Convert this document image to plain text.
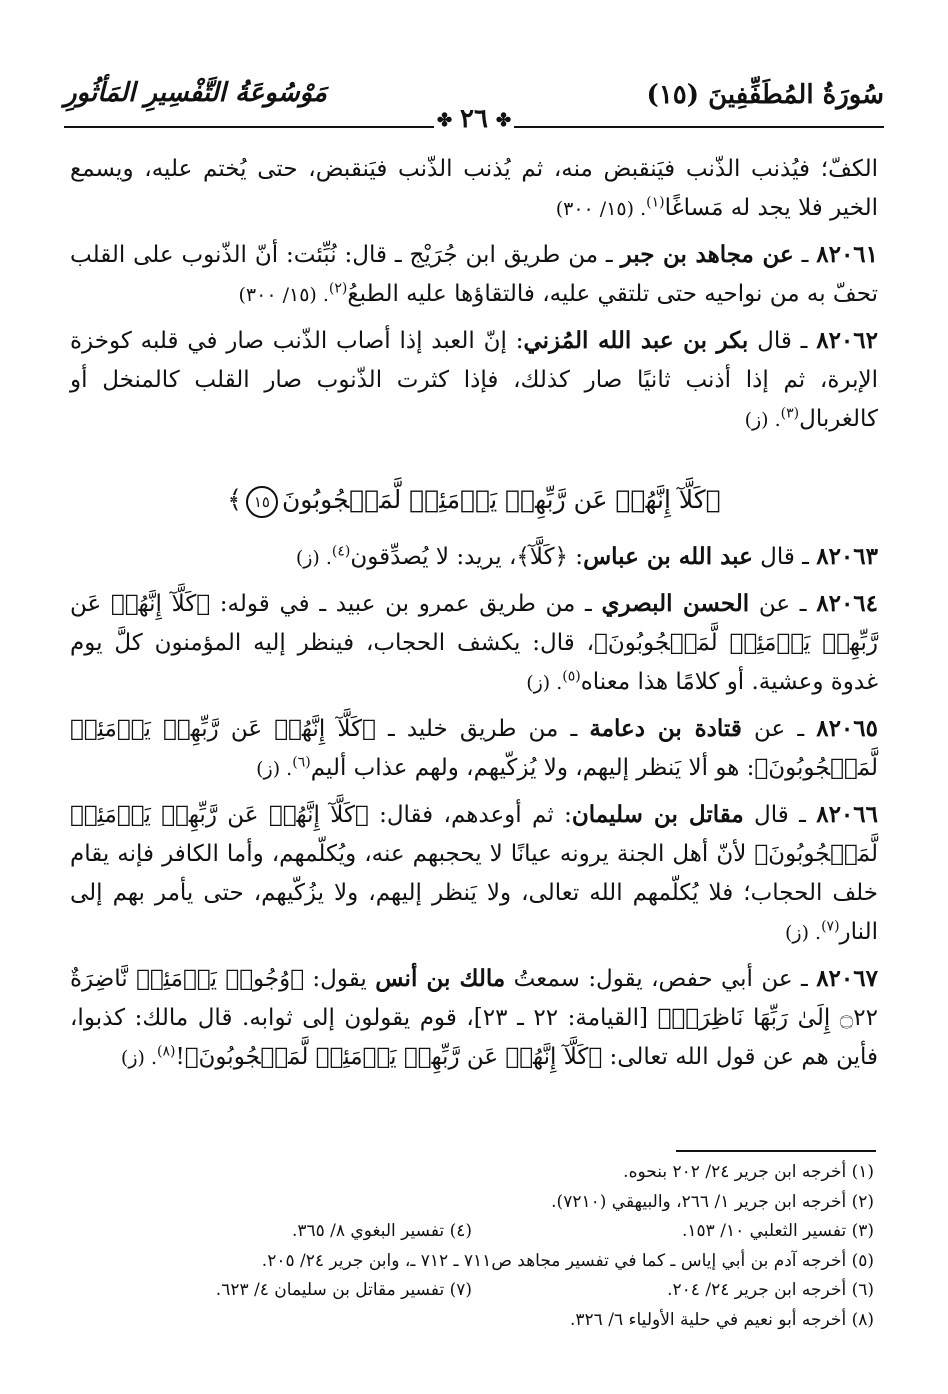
سُورَةُ المُطَفِّفِينَ (١٥)
مَوْسُوعَةُ التَّفْسِيرِ المَأثُورِ
✤٢٦✤

الكفّ؛ فيُذنب الذّنب فيَنقبض منه، ثم يُذنب الذّنب فيَنقبض، حتى يُختم عليه، ويسمع الخير فلا يجد له مَساغًا$^{(١)}$. (١٥/ ٣٠٠)

٨٢٠٦١ ـ عن مجاهد بن جبر ـ من طريق ابن جُرَيْج ـ قال: نُبِّئت: أنّ الذّنوب على القلب تحفّ به من نواحيه حتى تلتقي عليه، فالتقاؤها عليه الطبعُ$^{(٢)}$. (١٥/ ٣٠٠)

٨٢٠٦٢ ـ قال بكر بن عبد الله المُزني: إنّ العبد إذا أصاب الذّنب صار في قلبه كوخزة الإبرة، ثم إذا أذنب ثانيًا صار كذلك، فإذا كثرت الذّنوب صار القلب كالمنخل أو كالغربال$^{(٣)}$. (ز)

﴿كَلَّآ إِنَّهُمۡ عَن رَّبِّهِمۡ يَوۡمَئِذٖ لَّمَحۡجُوبُونَ١٥﴾

٨٢٠٦٣ ـ قال عبد الله بن عباس: ﴿كَلَّآ﴾، يريد: لا يُصدِّقون$^{(٤)}$. (ز)

٨٢٠٦٤ ـ عن الحسن البصري ـ من طريق عمرو بن عبيد ـ في قوله: ﴿كَلَّآ إِنَّهُمۡ عَن رَّبِّهِمۡ يَوۡمَئِذٖ لَّمَحۡجُوبُونَ﴾، قال: يكشف الحجاب، فينظر إليه المؤمنون كلَّ يوم غدوة وعشية. أو كلامًا هذا معناه$^{(٥)}$. (ز)

٨٢٠٦٥ ـ عن قتادة بن دعامة ـ من طريق خليد ـ ﴿كَلَّآ إِنَّهُمۡ عَن رَّبِّهِمۡ يَوۡمَئِذٖ لَّمَحۡجُوبُونَ﴾: هو ألا يَنظر إليهم، ولا يُزكّيهم، ولهم عذاب أليم$^{(٦)}$. (ز)

٨٢٠٦٦ ـ قال مقاتل بن سليمان: ثم أوعدهم، فقال: ﴿كَلَّآ إِنَّهُمۡ عَن رَّبِّهِمۡ يَوۡمَئِذٖ لَّمَحۡجُوبُونَ﴾ لأنّ أهل الجنة يرونه عيانًا لا يحجبهم عنه، ويُكلّمهم، وأما الكافر فإنه يقام خلف الحجاب؛ فلا يُكلّمهم الله تعالى، ولا يَنظر إليهم، ولا يزُكّيهم، حتى يأمر بهم إلى النار$^{(٧)}$. (ز)

٨٢٠٦٧ ـ عن أبي حفص، يقول: سمعتُ مالك بن أنس يقول: ﴿وُجُوهٞ يَوۡمَئِذٖ نَّاضِرَةٌ ۝٢٢ إِلَىٰ رَبِّهَا نَاظِرَةٞ﴾ [القيامة: ٢٢ ـ ٢٣]، قوم يقولون إلى ثوابه. قال مالك: كذبوا، فأين هم عن قول الله تعالى: ﴿كَلَّآ إِنَّهُمۡ عَن رَّبِّهِمۡ يَوۡمَئِذٖ لَّمَحۡجُوبُونَ﴾!$^{(٨)}$. (ز)

(١) أخرجه ابن جرير ٢٤/ ٢٠٢ بنحوه.
(٢) أخرجه ابن جرير ١/ ٢٦٦، والبيهقي (٧٢١٠).
(٣) تفسير الثعلبي ١٠/ ١٥٣.
(٤) تفسير البغوي ٨/ ٣٦٥.
(٥) أخرجه آدم بن أبي إياس ـ كما في تفسير مجاهد ص٧١١ ـ ٧١٢ ـ، وابن جرير ٢٤/ ٢٠٥.
(٦) أخرجه ابن جرير ٢٤/ ٢٠٤.
(٧) تفسير مقاتل بن سليمان ٤/ ٦٢٣.
(٨) أخرجه أبو نعيم في حلية الأولياء ٦/ ٣٢٦.
